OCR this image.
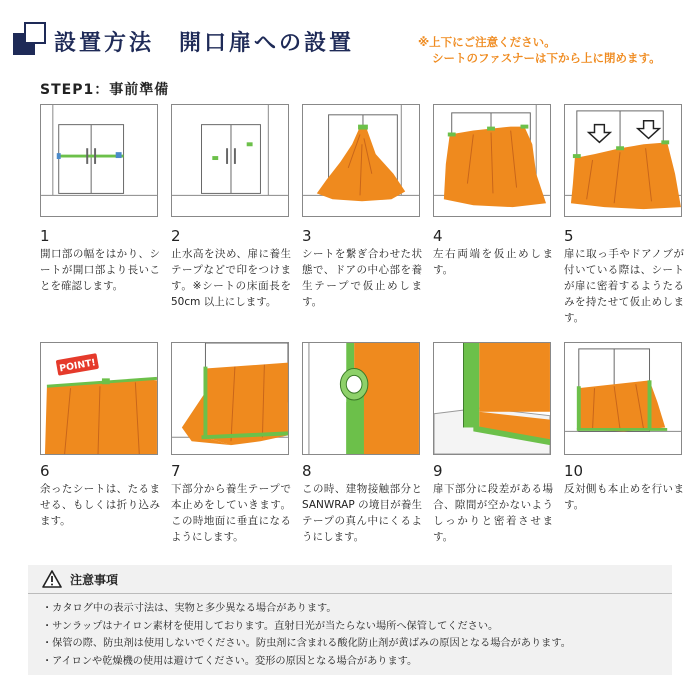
設置方法　開口扉への設置	※上下にご注意ください。
シートのファスナーは下から上に閉めます。
STEP1：事前準備
1
開口部の幅をはかり、シートが開口部より長いことを確認します。
2
止水高を決め、扉に養生テープなどで印をつけます。※シートの床面長を50cm 以上にします。
3
シートを繋ぎ合わせた状態で、ドアの中心部を養生テープで仮止めします。
4
左右両端を仮止めします。
5
扉に取っ手やドアノブが付いている際は、シートが扉に密着するようたるみを持たせて仮止めします。
POINT!
6
余ったシートは、たるませる、もしくは折り込みます。
7
下部分から養生テープで本止めをしていきます。この時地面に垂直になるようにします。
8
この時、建物接触部分と SANWRAP の境目が養生テープの真ん中にくるようにします。
9
扉下部分に段差がある場合、隙間が空かないようしっかりと密着させます。
10
反対側も本止めを行います。
注意事項
・カタログ中の表示寸法は、実物と多少異なる場合があります。
・サンラップはナイロン素材を使用しております。直射日光が当たらない場所へ保管してください。
・保管の際、防虫剤は使用しないでください。防虫剤に含まれる酸化防止剤が黄ばみの原因となる場合があります。
・アイロンや乾燥機の使用は避けてください。変形の原因となる場合があります。
